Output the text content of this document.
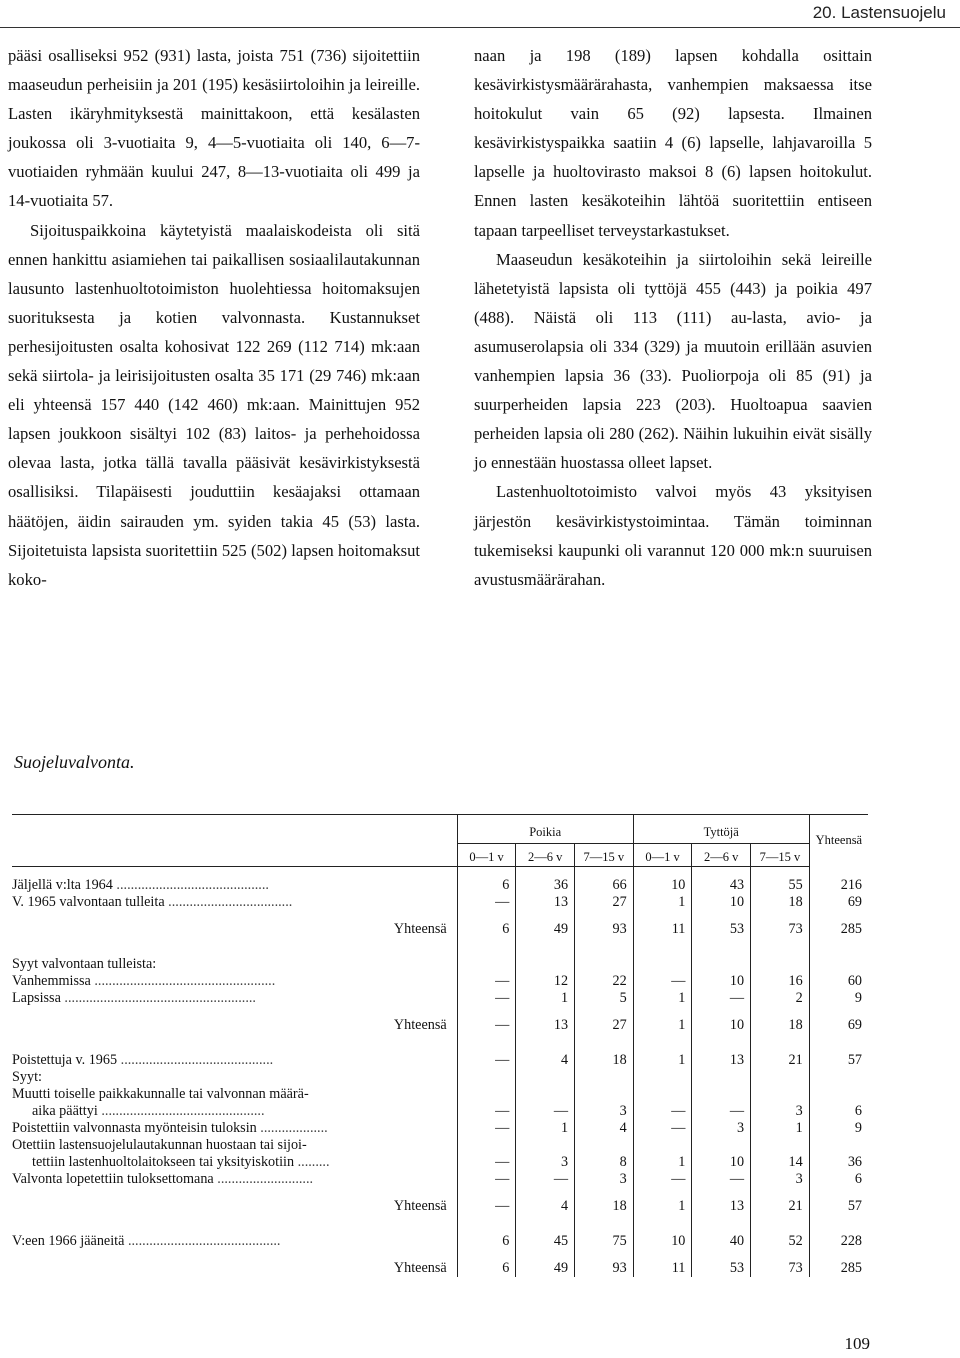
20. Lastensuojelu

pääsi osalliseksi 952 (931) lasta, joista 751 (736) sijoitettiin maaseudun perheisiin ja 201 (195) kesäsiirtoloihin ja leireille. Lasten ikäryhmityksestä mainittakoon, että kesälasten joukossa oli 3-vuotiaita 9, 4—5-vuotiaita oli 140, 6—7-vuotiaiden ryhmään kuului 247, 8—13-vuotiaita oli 499 ja 14-vuotiaita 57.

Sijoituspaikkoina käytetyistä maalaiskodeista oli sitä ennen hankittu asiamiehen tai paikallisen sosiaalilautakunnan lausunto lastenhuoltotoimiston huolehtiessa hoitomaksujen suorituksesta ja kotien valvonnasta. Kustannukset perhesijoitusten osalta kohosivat 122 269 (112 714) mk:aan sekä siirtola- ja leirisijoitusten osalta 35 171 (29 746) mk:aan eli yhteensä 157 440 (142 460) mk:aan. Mainittujen 952 lapsen joukkoon sisältyi 102 (83) laitos- ja perhehoidossa olevaa lasta, jotka tällä tavalla pääsivät kesävirkistyksestä osallisiksi. Tilapäisesti jouduttiin kesäajaksi ottamaan häätöjen, äidin sairauden ym. syiden takia 45 (53) lasta. Sijoitetuista lapsista suoritettiin 525 (502) lapsen hoitomaksut koko-

naan ja 198 (189) lapsen kohdalla osittain kesävirkistysmäärärahasta, vanhempien maksaessa itse hoitokulut vain 65 (92) lapsesta. Ilmainen kesävirkistyspaikka saatiin 4 (6) lapselle, lahjavaroilla 5 lapselle ja huoltovirasto maksoi 8 (6) lapsen hoitokulut. Ennen lasten kesäkoteihin lähtöä suoritettiin entiseen tapaan tarpeelliset terveystarkastukset.

Maaseudun kesäkoteihin ja siirtoloihin sekä leireille lähetetyistä lapsista oli tyttöjä 455 (443) ja poikia 497 (488). Näistä oli 113 (111) au-lasta, avio- ja asumuserolapsia oli 334 (329) ja muutoin erillään asuvien vanhempien lapsia 36 (33). Puoliorpoja oli 85 (91) ja suurperheiden lapsia 223 (203). Huoltoapua saavien perheiden lapsia oli 280 (262). Näihin lukuihin eivät sisälly jo ennestään huostassa olleet lapset.

Lastenhuoltotoimisto valvoi myös 43 yksityisen järjestön kesävirkistystoimintaa. Tämän toiminnan tukemiseksi kaupunki oli varannut 120 000 mk:n suuruisen avustusmäärärahan.

Suojeluvalvonta.
	Poikia			Tyttöjä			Yhteensä
	0—1 v	2—6 v	7—15 v	0—1 v	2—6 v	7—15 v	

Jäljellä v:lta 1964 ...........................................	6	36	66	10	43	55	216
V. 1965 valvontaan tulleita ...................................	—	13	27	1	10	18	69

Yhteensä	6	49	93	11	53	73	285

Syyt valvontaan tulleista:							
Vanhemmissa ...................................................	—	12	22	—	10	16	60
Lapsissa ......................................................	—	1	5	1	—	2	9

Yhteensä	—	13	27	1	10	18	69

Poistettuja v. 1965 ...........................................	—	4	18	1	13	21	57
Syyt:							
Muutti toiselle paikkakunnalle tai valvonnan määrä-							
aika päättyi ..............................................	—	—	3	—	—	3	6
Poistettiin valvonnasta myönteisin tuloksin ...................	—	1	4	—	3	1	9
Otettiin lastensuojelulautakunnan huostaan tai sijoi-							
tettiin lastenhuoltolaitokseen tai yksityiskotiin .........	—	3	8	1	10	14	36
Valvonta lopetettiin tuloksettomana ...........................	—	—	3	—	—	3	6

Yhteensä	—	4	18	1	13	21	57

V:een 1966 jääneitä ...........................................	6	45	75	10	40	52	228

Yhteensä	6	49	93	11	53	73	285
109
